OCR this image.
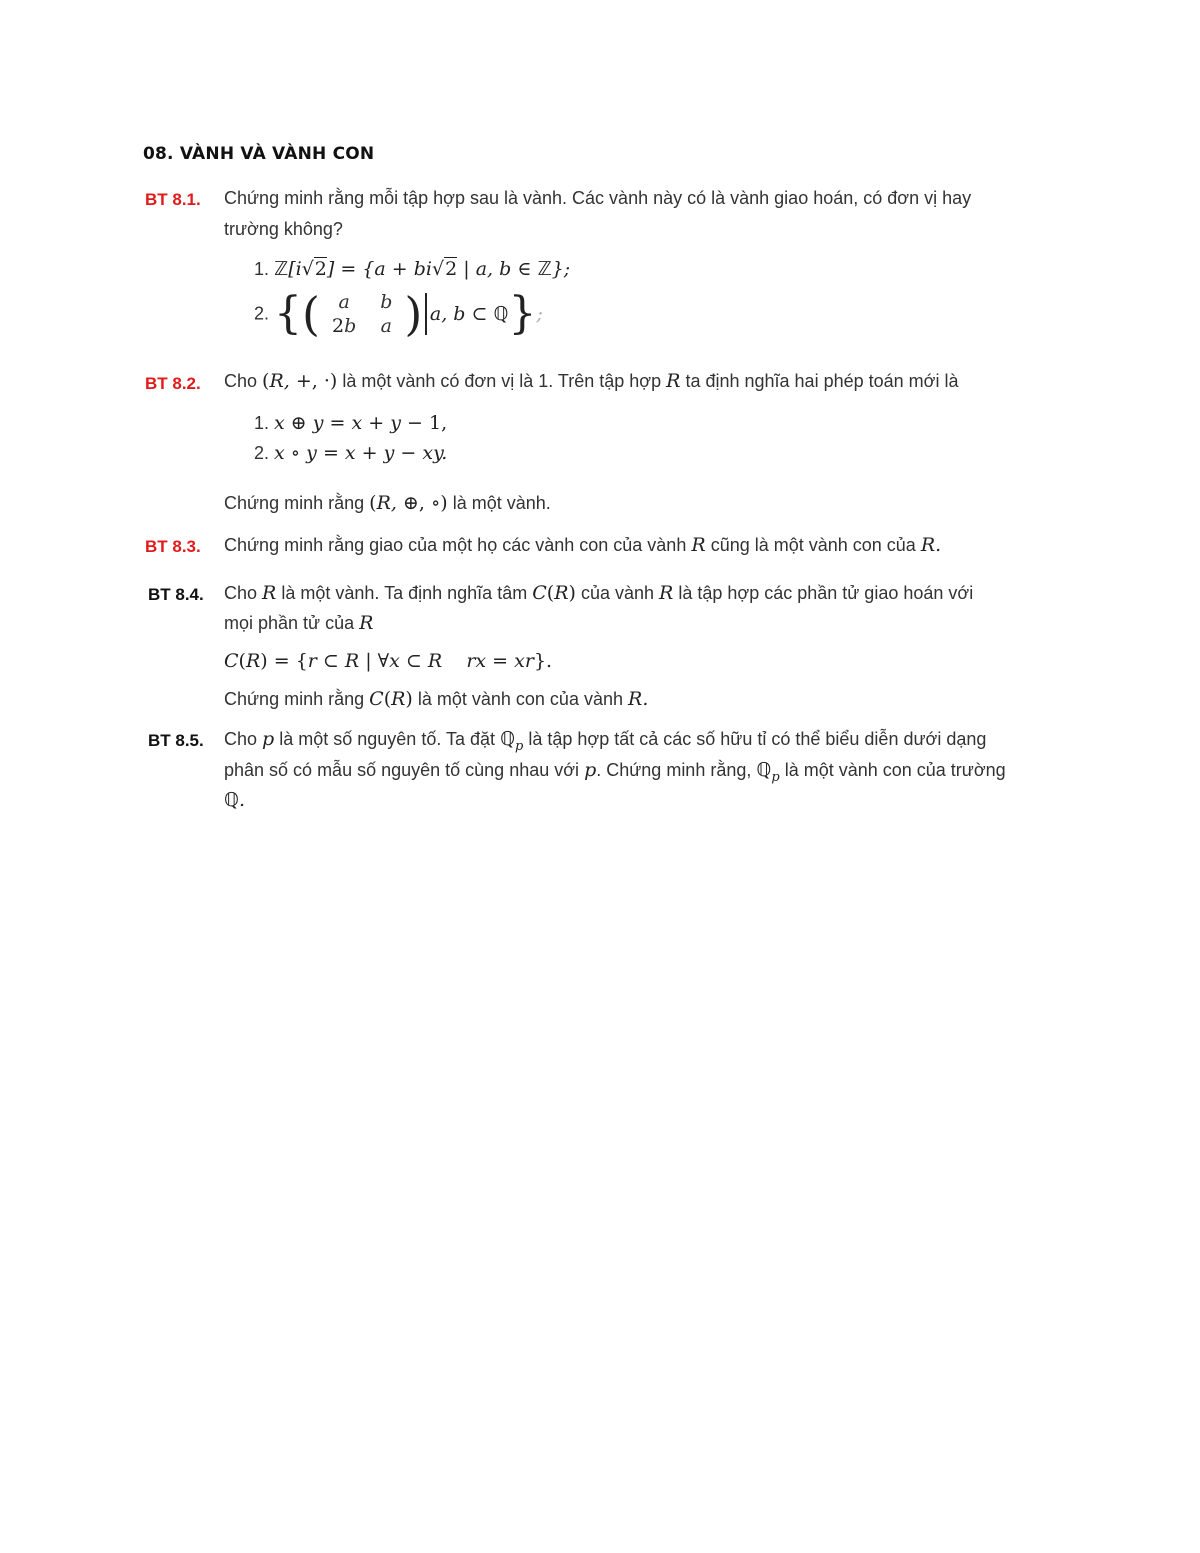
08. VÀNH VÀ VÀNH CON
BT 8.1.	Chứng minh rằng mỗi tập hợp sau là vành. Các vành này có là vành giao hoán, có đơn vị hay
trường không?
1. ℤ[i√2] = {a + bi√2 | a, b ∈ ℤ};
2. {( a	b
2b	a ) a, b ⊂ ℚ};
BT 8.2.	Cho (R, +, ·) là một vành có đơn vị là 1. Trên tập hợp R ta định nghĩa hai phép toán mới là
1. x ⊕ y = x + y − 1,
2. x ∘ y = x + y − xy.
Chứng minh rằng (R, ⊕, ∘) là một vành.
BT 8.3.	Chứng minh rằng giao của một họ các vành con của vành R cũng là một vành con của R.
BT 8.4.	Cho R là một vành. Ta định nghĩa tâm C(R) của vành R là tập hợp các phần tử giao hoán với
mọi phần tử của R
C(R) = {r ⊂ R | ∀x ⊂ R    rx = xr}.
Chứng minh rằng C(R) là một vành con của vành R.
BT 8.5.	Cho p là một số nguyên tố. Ta đặt ℚ$_p$ là tập hợp tất cả các số hữu tỉ có thể biểu diễn dưới dạng
phân số có mẫu số nguyên tố cùng nhau với p. Chứng minh rằng, ℚ$_p$ là một vành con của trường
ℚ.
